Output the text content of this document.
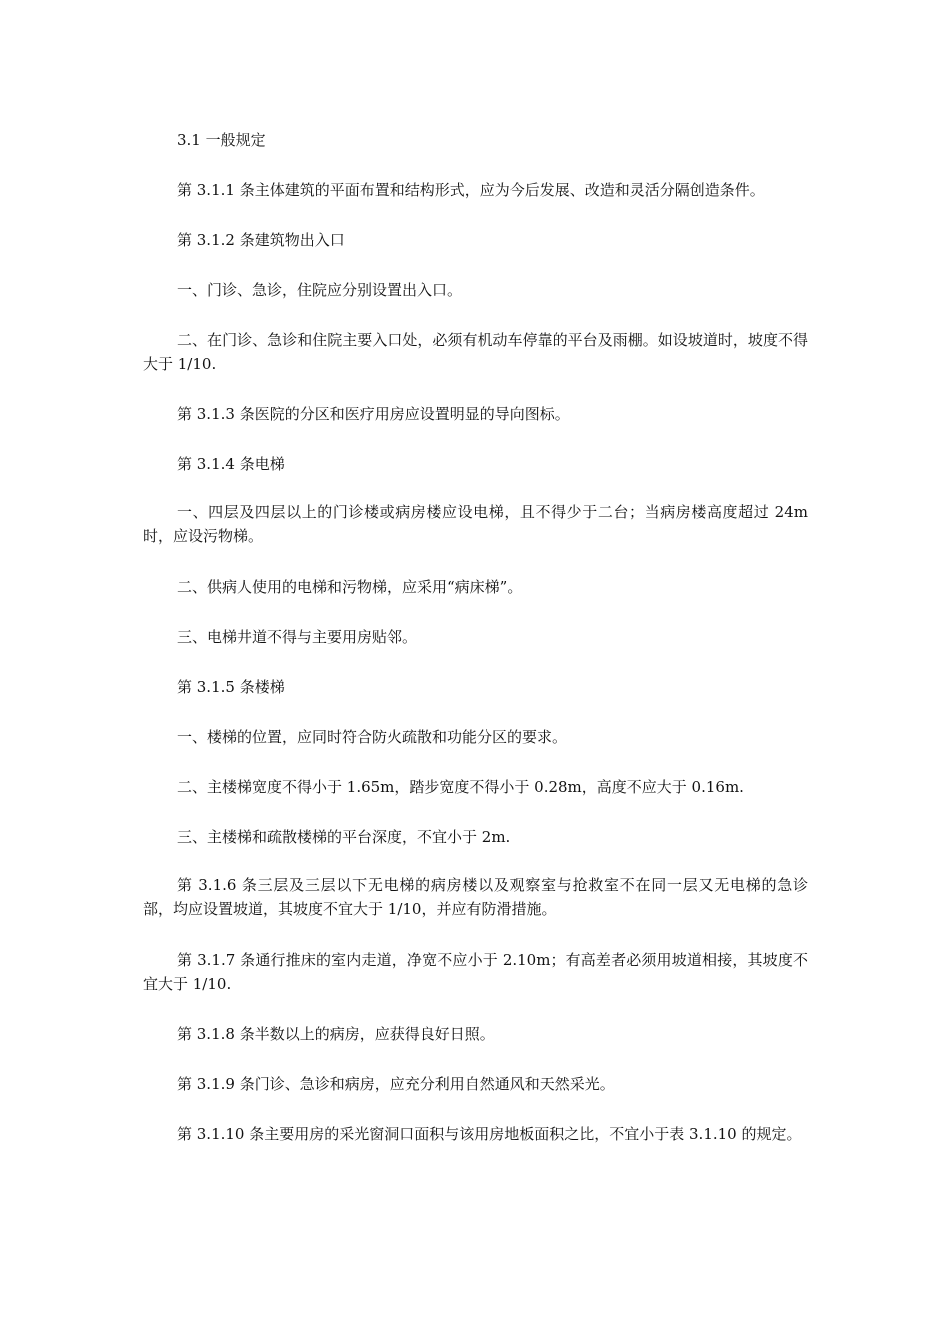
3.1 一般规定

第 3.1.1 条主体建筑的平面布置和结构形式，应为今后发展、改造和灵活分隔创造条件。

第 3.1.2 条建筑物出入口

一、门诊、急诊，住院应分别设置出入口。

二、在门诊、急诊和住院主要入口处，必须有机动车停靠的平台及雨棚。如设坡道时，坡度不得大于 1/10.

第 3.1.3 条医院的分区和医疗用房应设置明显的导向图标。

第 3.1.4 条电梯

一、四层及四层以上的门诊楼或病房楼应设电梯，且不得少于二台；当病房楼高度超过 24m 时，应设污物梯。

二、供病人使用的电梯和污物梯，应采用“病床梯”。

三、电梯井道不得与主要用房贴邻。

第 3.1.5 条楼梯

一、楼梯的位置，应同时符合防火疏散和功能分区的要求。

二、主楼梯宽度不得小于 1.65m，踏步宽度不得小于 0.28m，高度不应大于 0.16m.

三、主楼梯和疏散楼梯的平台深度，不宜小于 2m.

第 3.1.6 条三层及三层以下无电梯的病房楼以及观察室与抢救室不在同一层又无电梯的急诊部，均应设置坡道，其坡度不宜大于 1/10，并应有防滑措施。

第 3.1.7 条通行推床的室内走道，净宽不应小于 2.10m；有高差者必须用坡道相接，其坡度不宜大于 1/10.

第 3.1.8 条半数以上的病房，应获得良好日照。

第 3.1.9 条门诊、急诊和病房，应充分利用自然通风和天然采光。

第 3.1.10 条主要用房的采光窗洞口面积与该用房地板面积之比，不宜小于表 3.1.10 的规定。
